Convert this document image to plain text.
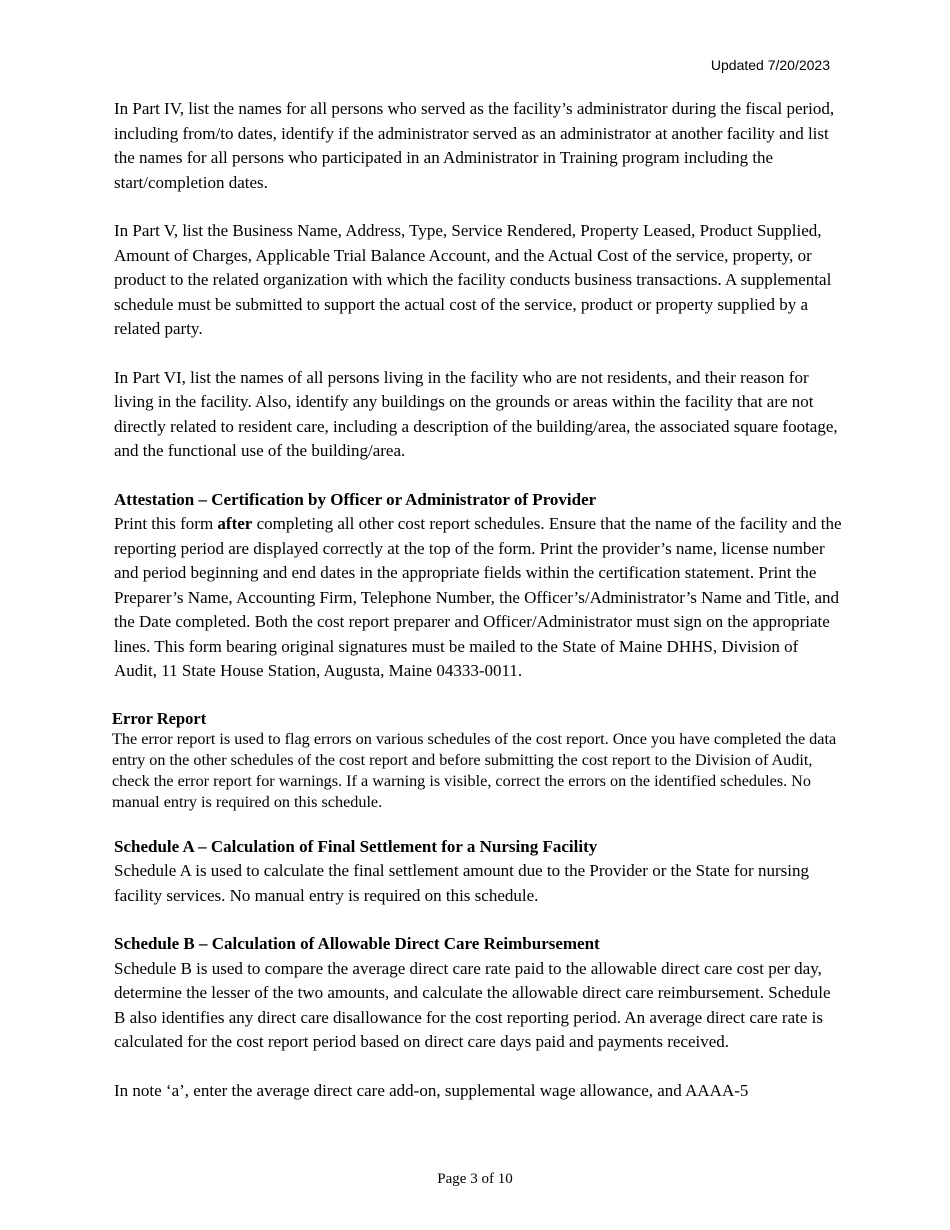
Updated 7/20/2023

In Part IV, list the names for all persons who served as the facility’s administrator during the fiscal period, including from/to dates, identify if the administrator served as an administrator at another facility and list the names for all persons who participated in an Administrator in Training program including the start/completion dates.

In Part V, list the Business Name, Address, Type, Service Rendered, Property Leased, Product Supplied, Amount of Charges, Applicable Trial Balance Account, and the Actual Cost of the service, property, or product to the related organization with which the facility conducts business transactions. A supplemental schedule must be submitted to support the actual cost of the service, product or property supplied by a related party.

In Part VI, list the names of all persons living in the facility who are not residents, and their reason for living in the facility. Also, identify any buildings on the grounds or areas within the facility that are not directly related to resident care, including a description of the building/area, the associated square footage, and the functional use of the building/area.

Attestation – Certification by Officer or Administrator of Provider

Print this form after completing all other cost report schedules. Ensure that the name of the facility and the reporting period are displayed correctly at the top of the form. Print the provider’s name, license number and period beginning and end dates in the appropriate fields within the certification statement. Print the Preparer’s Name, Accounting Firm, Telephone Number, the Officer’s/Administrator’s Name and Title, and the Date completed. Both the cost report preparer and Officer/Administrator must sign on the appropriate lines. This form bearing original signatures must be mailed to the State of Maine DHHS, Division of Audit, 11 State House Station, Augusta, Maine 04333-0011.

Error Report

The error report is used to flag errors on various schedules of the cost report. Once you have completed the data entry on the other schedules of the cost report and before submitting the cost report to the Division of Audit, check the error report for warnings. If a warning is visible, correct the errors on the identified schedules. No manual entry is required on this schedule.

Schedule A – Calculation of Final Settlement for a Nursing Facility

Schedule A is used to calculate the final settlement amount due to the Provider or the State for nursing facility services. No manual entry is required on this schedule.

Schedule B – Calculation of Allowable Direct Care Reimbursement

Schedule B is used to compare the average direct care rate paid to the allowable direct care cost per day, determine the lesser of the two amounts, and calculate the allowable direct care reimbursement. Schedule B also identifies any direct care disallowance for the cost reporting period. An average direct care rate is calculated for the cost report period based on direct care days paid and payments received.

In note ‘a’, enter the average direct care add-on, supplemental wage allowance, and AAAA-5

Page 3 of 10
